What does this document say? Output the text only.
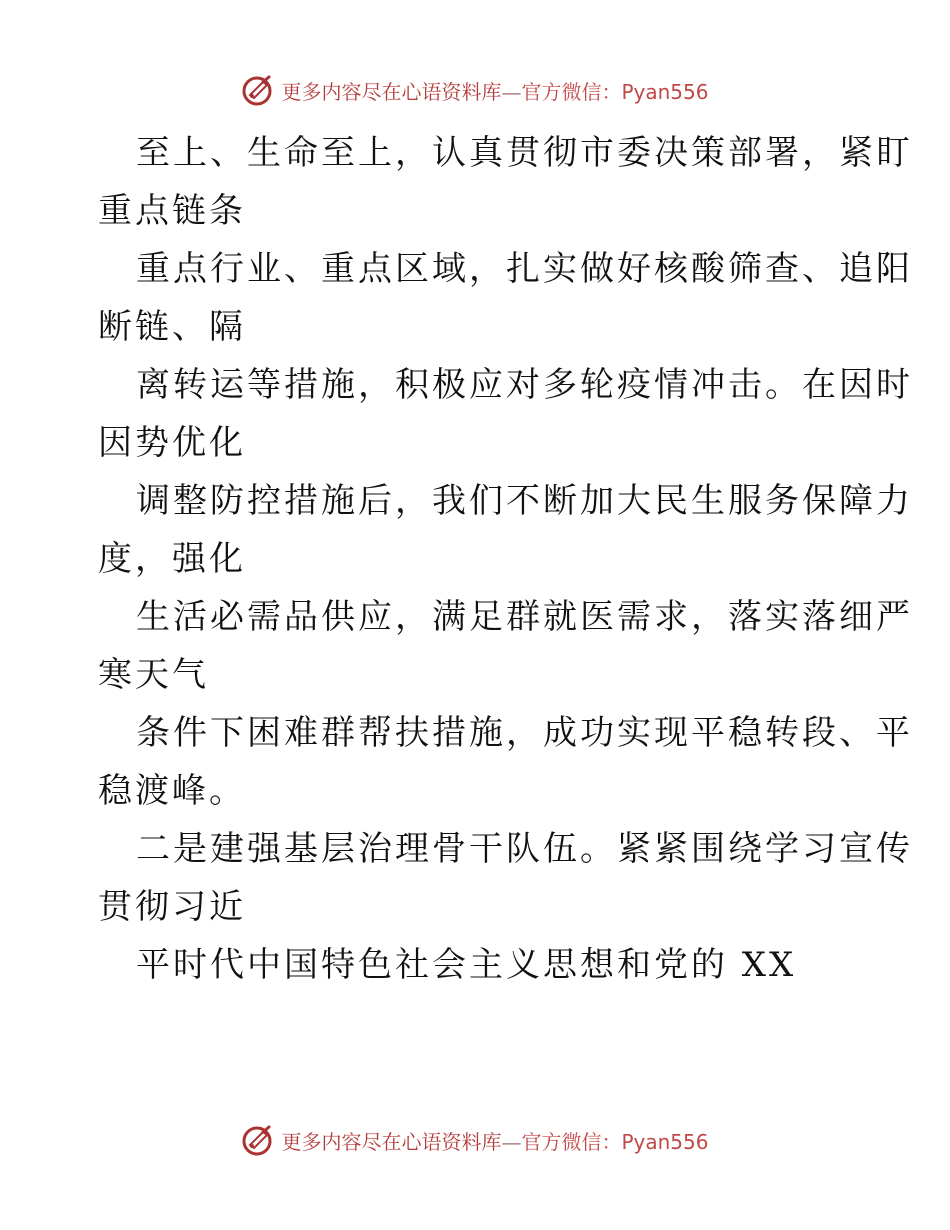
更多内容尽在心语资料库—官方微信：Pyan556
至上、生命至上，认真贯彻市委决策部署，紧盯
重点链条
重点行业、重点区域，扎实做好核酸筛查、追阳
断链、隔
离转运等措施，积极应对多轮疫情冲击。在因时
因势优化
调整防控措施后，我们不断加大民生服务保障力
度，强化
生活必需品供应，满足群就医需求，落实落细严
寒天气
条件下困难群帮扶措施，成功实现平稳转段、平
稳渡峰。
二是建强基层治理骨干队伍。紧紧围绕学习宣传
贯彻习近
平时代中国特色社会主义思想和党的 XX
更多内容尽在心语资料库—官方微信：Pyan556
